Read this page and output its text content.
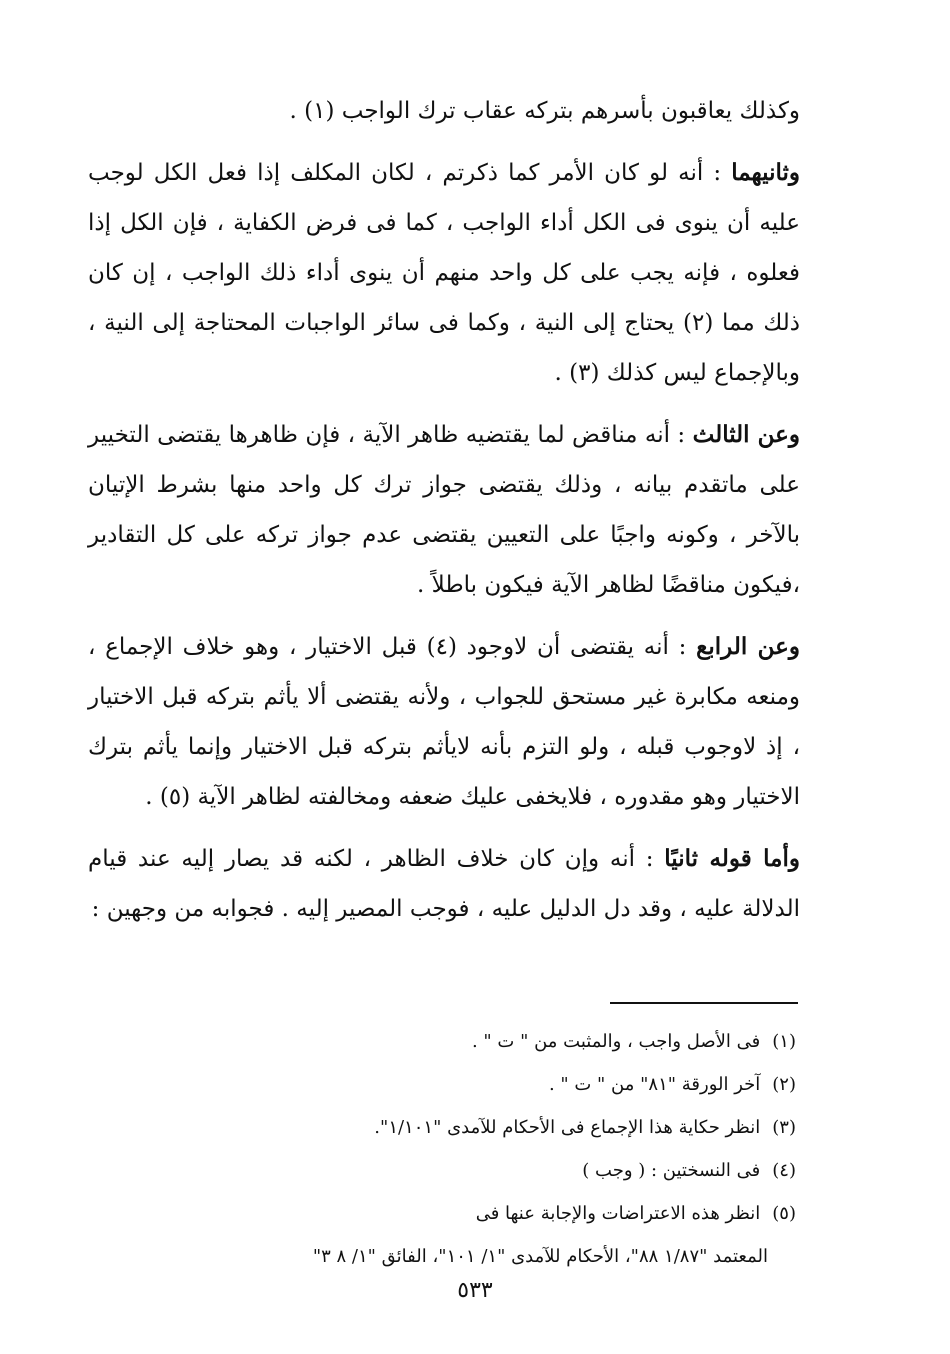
وكذلك يعاقبون بأسرهم بتركه عقاب ترك الواجب (١) .

وثانيهما : أنه لو كان الأمر كما ذكرتم ، لكان المكلف إذا فعل الكل لوجب عليه أن ينوى فى الكل أداء الواجب ، كما فى فرض الكفاية ، فإن الكل إذا فعلوه ، فإنه يجب على كل واحد منهم أن ينوى أداء ذلك الواجب ، إن كان ذلك مما (٢) يحتاج إلى النية ، وكما فى سائر الواجبات المحتاجة إلى النية ، وبالإجماع ليس كذلك (٣) .

وعن الثالث : أنه مناقض لما يقتضيه ظاهر الآية ، فإن ظاهرها يقتضى التخيير على ماتقدم بيانه ، وذلك يقتضى جواز ترك كل واحد منها بشرط الإتيان بالآخر ، وكونه واجبًا على التعيين يقتضى عدم جواز تركه على كل التقادير ،فيكون مناقضًا لظاهر الآية فيكون باطلاً .

وعن الرابع : أنه يقتضى أن لاوجود (٤) قبل الاختيار ، وهو خلاف الإجماع ، ومنعه مكابرة غير مستحق للجواب ، ولأنه يقتضى ألا يأثم بتركه قبل الاختيار ، إذ لاوجوب قبله ، ولو التزم بأنه لايأثم بتركه قبل الاختيار وإنما يأثم بترك الاختيار وهو مقدوره ، فلايخفى عليك ضعفه ومخالفته لظاهر الآية (٥) .

وأما قوله ثانيًا : أنه وإن كان خلاف الظاهر ، لكنه قد يصار إليه عند قيام الدلالة عليه ، وقد دل الدليل عليه ، فوجب المصير إليه . فجوابه من وجهين :

(١)فى الأصل واجب ، والمثبت من " ت " .

(٢)آخر الورقة "٨١" من " ت " .

(٣)انظر حكاية هذا الإجماع فى الأحكام للآمدى "١/١٠١".

(٤)فى النسختين : ( وجب )

(٥)انظر هذه الاعتراضات والإجابة عنها فى

المعتمد "١/٨٧ ٨٨"، الأحكام للآمدى "١/ ١٠١"، الفائق "١/ ٨ ٣"

٥٣٣
